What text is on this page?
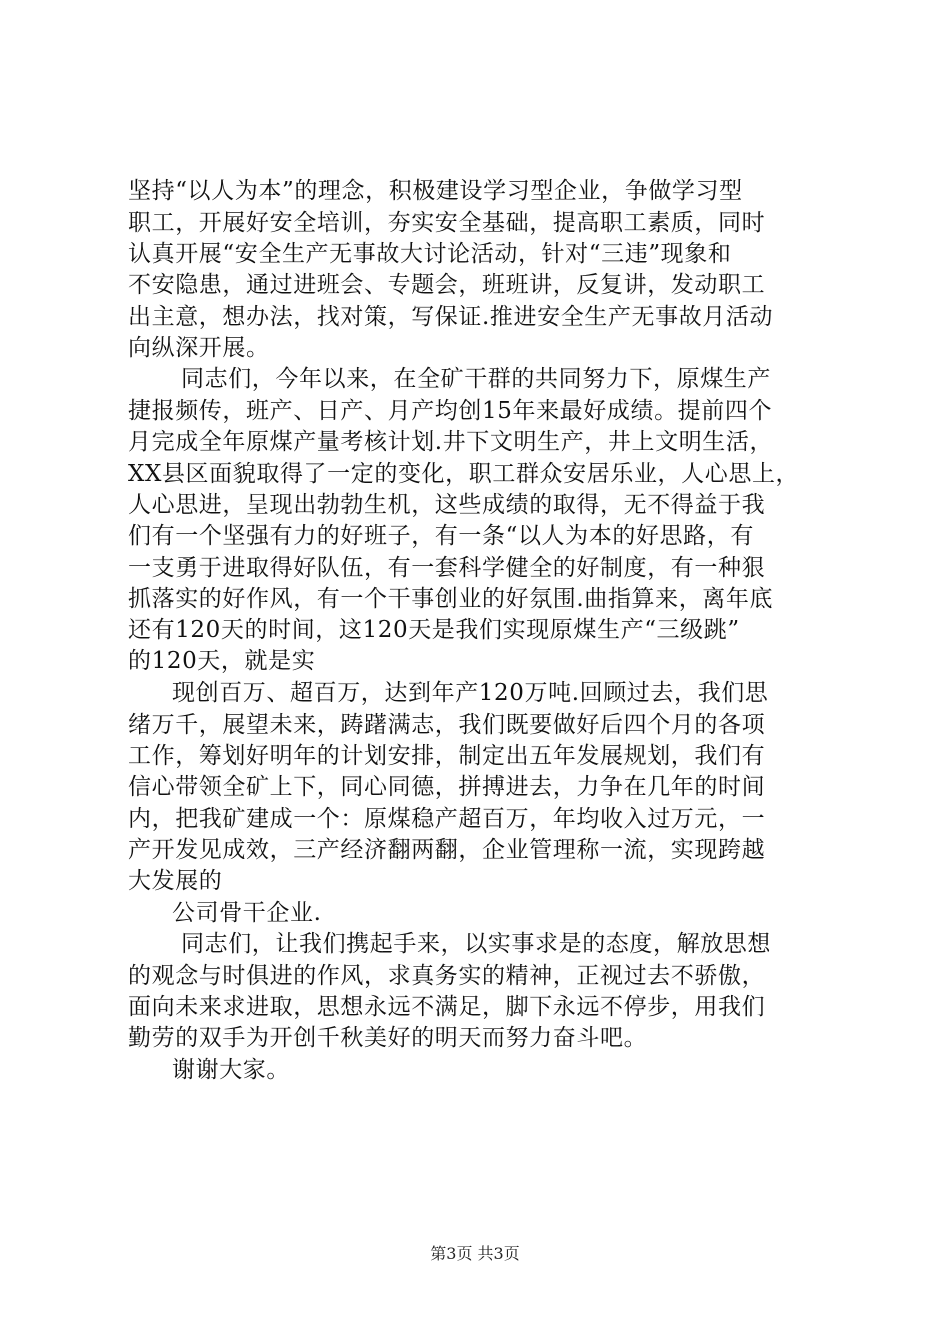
坚持“以人为本”的理念，积极建设学习型企业，争做学习型
职工，开展好安全培训，夯实安全基础，提高职工素质，同时
认真开展“安全生产无事故大讨论活动，针对“三违”现象和
不安隐患，通过进班会、专题会，班班讲，反复讲，发动职工
出主意，想办法，找对策，写保证.推进安全生产无事故月活动
向纵深开展。
同志们，今年以来，在全矿干群的共同努力下，原煤生产
捷报频传，班产、日产、月产均创15年来最好成绩。提前四个
月完成全年原煤产量考核计划.井下文明生产，井上文明生活，
XX县区面貌取得了一定的变化，职工群众安居乐业，人心思上，
人心思进，呈现出勃勃生机，这些成绩的取得，无不得益于我
们有一个坚强有力的好班子，有一条“以人为本的好思路，有
一支勇于进取得好队伍，有一套科学健全的好制度，有一种狠
抓落实的好作风，有一个干事创业的好氛围.曲指算来，离年底
还有120天的时间，这120天是我们实现原煤生产“三级跳”
的120天，就是实
现创百万、超百万，达到年产120万吨.回顾过去，我们思
绪万千，展望未来，踌躇满志，我们既要做好后四个月的各项
工作，筹划好明年的计划安排，制定出五年发展规划，我们有
信心带领全矿上下，同心同德，拼搏进去，力争在几年的时间
内，把我矿建成一个：原煤稳产超百万，年均收入过万元，一
产开发见成效，三产经济翻两翻，企业管理称一流，实现跨越
大发展的
公司骨干企业.
同志们，让我们携起手来，以实事求是的态度，解放思想
的观念与时俱进的作风，求真务实的精神，正视过去不骄傲，
面向未来求进取，思想永远不满足，脚下永远不停步，用我们
勤劳的双手为开创千秋美好的明天而努力奋斗吧。
谢谢大家。
第3页 共3页
